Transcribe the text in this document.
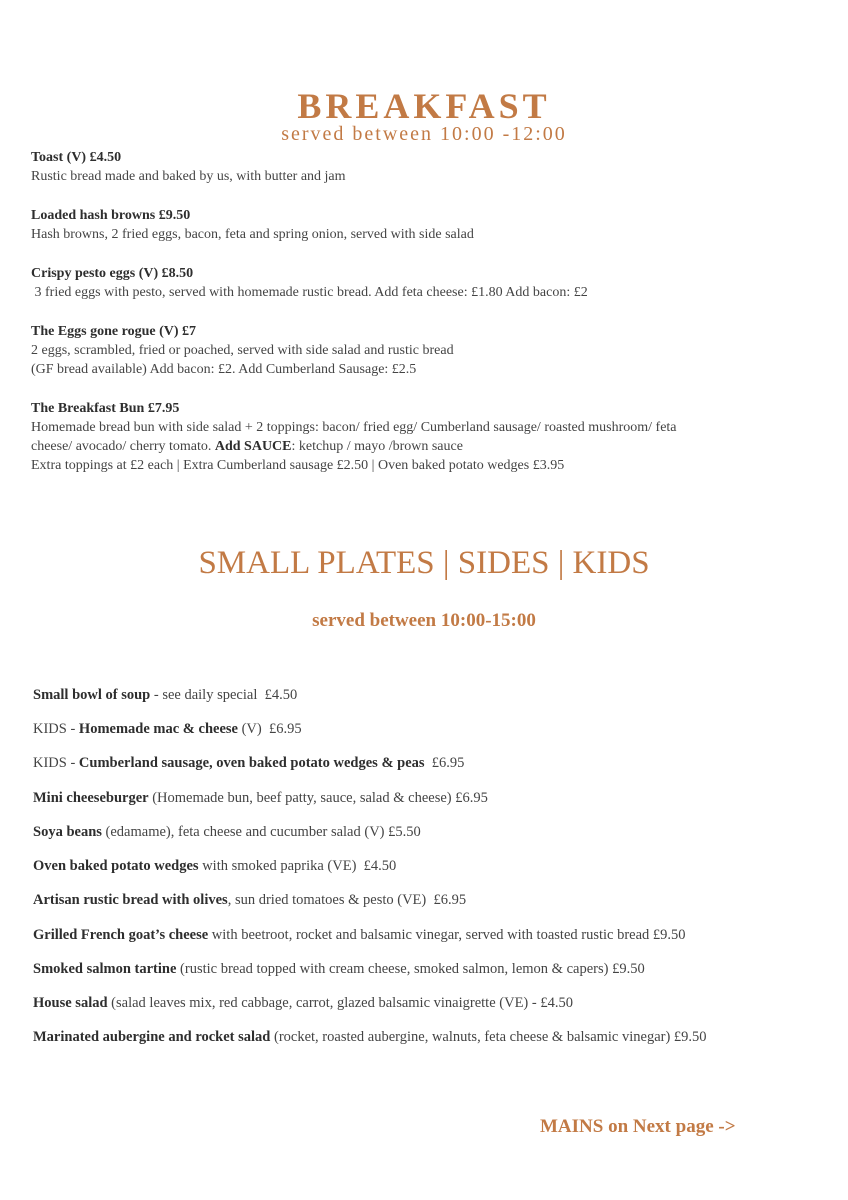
BREAKFAST
served between 10:00 -12:00
Toast (V) £4.50
Rustic bread made and baked by us, with butter and jam
Loaded hash browns £9.50
Hash browns, 2 fried eggs, bacon, feta and spring onion, served with side salad
Crispy pesto eggs (V) £8.50
3 fried eggs with pesto, served with homemade rustic bread. Add feta cheese: £1.80 Add bacon: £2
The Eggs gone rogue (V) £7
2 eggs, scrambled, fried or poached, served with side salad and rustic bread
(GF bread available) Add bacon: £2. Add Cumberland Sausage: £2.5
The Breakfast Bun £7.95
Homemade bread bun with side salad + 2 toppings: bacon/ fried egg/ Cumberland sausage/ roasted mushroom/ feta
cheese/ avocado/ cherry tomato. Add SAUCE: ketchup / mayo /brown sauce
Extra toppings at £2 each | Extra Cumberland sausage £2.50 | Oven baked potato wedges £3.95
SMALL PLATES | SIDES | KIDS
served between 10:00-15:00
Small bowl of soup - see daily special  £4.50
KIDS - Homemade mac & cheese (V)  £6.95
KIDS - Cumberland sausage, oven baked potato wedges & peas  £6.95
Mini cheeseburger (Homemade bun, beef patty, sauce, salad & cheese) £6.95
Soya beans (edamame), feta cheese and cucumber salad (V) £5.50
Oven baked potato wedges with smoked paprika (VE)  £4.50
Artisan rustic bread with olives, sun dried tomatoes & pesto (VE)  £6.95
Grilled French goat’s cheese with beetroot, rocket and balsamic vinegar, served with toasted rustic bread £9.50
Smoked salmon tartine (rustic bread topped with cream cheese, smoked salmon, lemon & capers) £9.50
House salad (salad leaves mix, red cabbage, carrot, glazed balsamic vinaigrette (VE) - £4.50
Marinated aubergine and rocket salad (rocket, roasted aubergine, walnuts, feta cheese & balsamic vinegar) £9.50
MAINS on Next page ->
